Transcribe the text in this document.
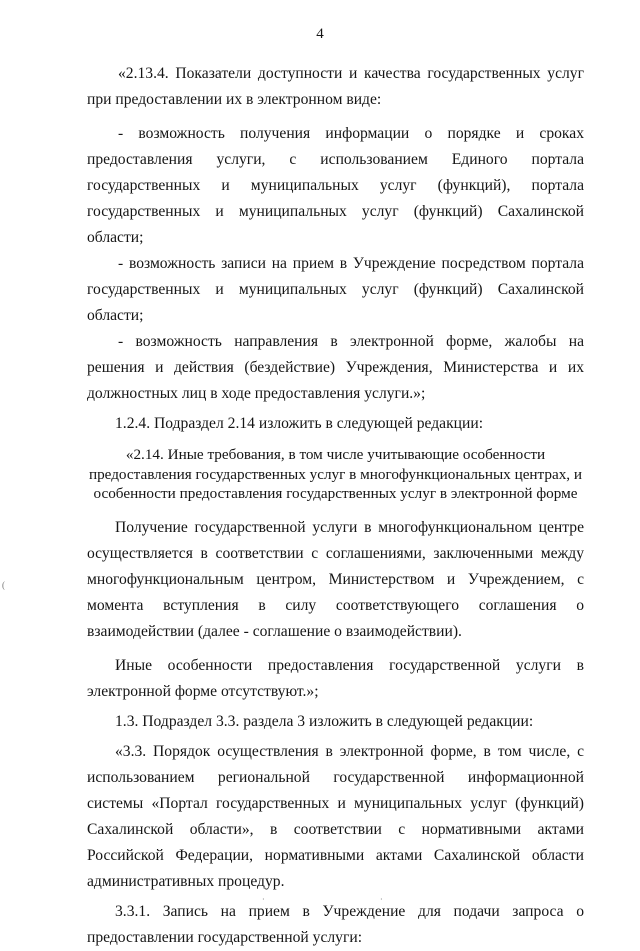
4
(
·	·

«2.13.4. Показатели доступности и качества государственных услуг при предоставлении их в электронном виде:

- возможность получения информации о порядке и сроках предоставления услуги, с использованием Единого портала государственных и муниципальных услуг (функций), портала государственных и муниципальных услуг (функций) Сахалинской области;

- возможность записи на прием в Учреждение посредством портала государственных и муниципальных услуг (функций) Сахалинской области;

- возможность направления в электронной форме, жалобы на решения и действия (бездействие) Учреждения, Министерства и их должностных лиц в ходе предоставления услуги.»;

1.2.4. Подраздел 2.14 изложить в следующей редакции:

«2.14. Иные требования, в том числе учитывающие особенности предоставления государственных услуг в многофункциональных центрах, и особенности предоставления государственных услуг в электронной форме

Получение государственной услуги в многофункциональном центре осуществляется в соответствии с соглашениями, заключенными между многофункциональным центром, Министерством и Учреждением, с момента вступления в силу соответствующего соглашения о взаимодействии (далее - соглашение о взаимодействии).

Иные особенности предоставления государственной услуги в электронной форме отсутствуют.»;

1.3. Подраздел 3.3. раздела 3 изложить в следующей редакции:

«3.3. Порядок осуществления в электронной форме, в том числе, с использованием региональной государственной информационной системы «Портал государственных и муниципальных услуг (функций) Сахалинской области», в соответствии с нормативными актами Российской Федерации, нормативными актами Сахалинской области административных процедур.

3.3.1. Запись на прием в Учреждение для подачи запроса о предоставлении государственной услуги:
